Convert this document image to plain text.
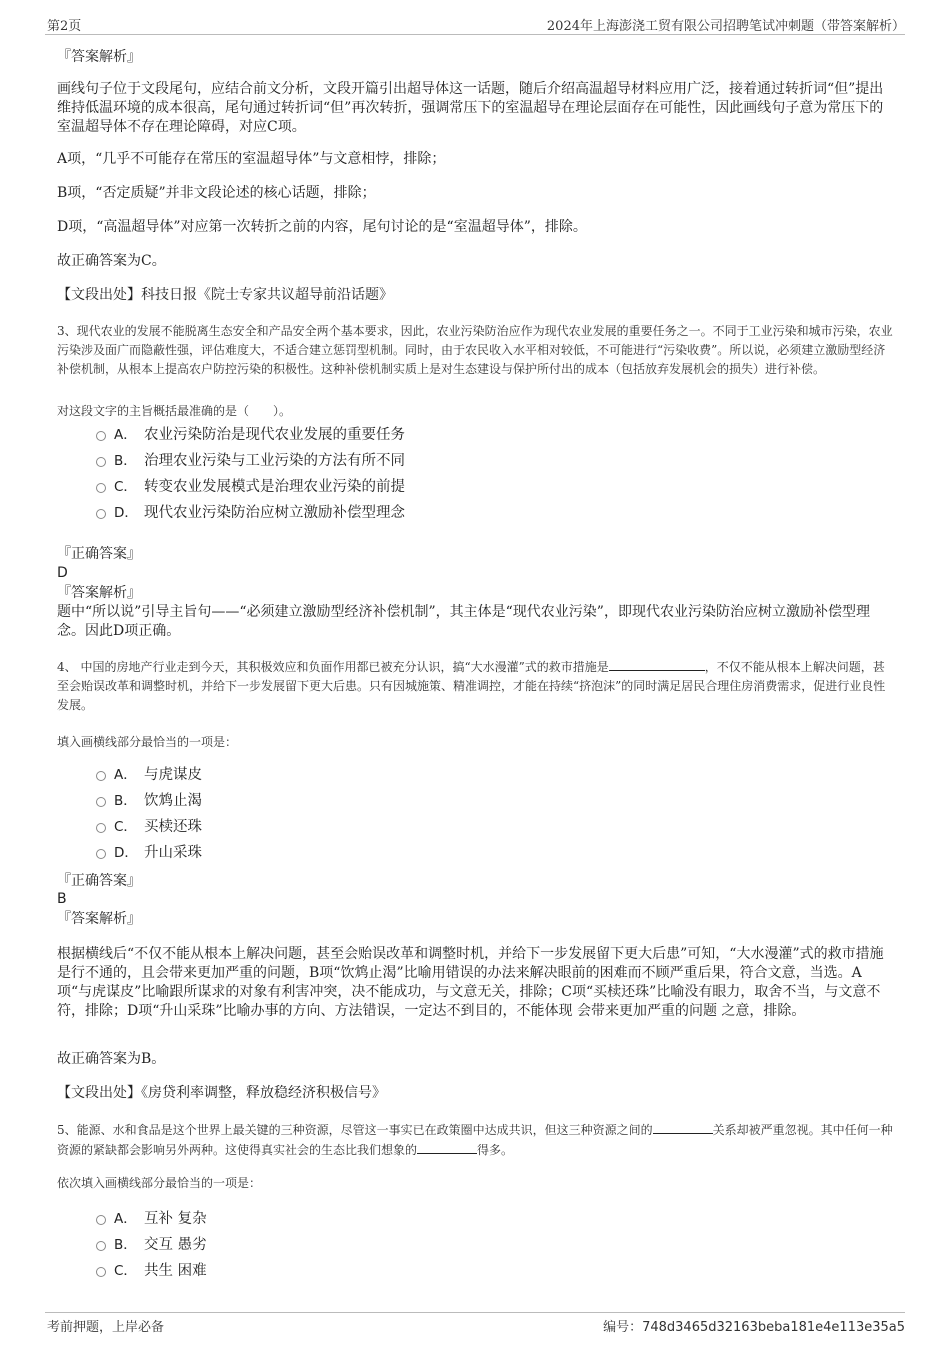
第2页	2024年上海澎浇工贸有限公司招聘笔试冲刺题（带答案解析）
『答案解析』
画线句子位于文段尾句，应结合前文分析，文段开篇引出超导体这一话题，随后介绍高温超导材料应用广泛，接着通过转折词“但”提出维持低温环境的成本很高，尾句通过转折词“但”再次转折，强调常压下的室温超导在理论层面存在可能性，因此画线句子意为常压下的室温超导体不存在理论障碍，对应C项。
A项，“几乎不可能存在常压的室温超导体”与文意相悖，排除；
B项，“否定质疑”并非文段论述的核心话题，排除；
D项，“高温超导体”对应第一次转折之前的内容，尾句讨论的是“室温超导体”，排除。
故正确答案为C。
【文段出处】科技日报《院士专家共议超导前沿话题》
3、现代农业的发展不能脱离生态安全和产品安全两个基本要求，因此，农业污染防治应作为现代农业发展的重要任务之一。不同于工业污染和城市污染，农业污染涉及面广而隐蔽性强，评估难度大，不适合建立惩罚型机制。同时，由于农民收入水平相对较低，不可能进行“污染收费”。所以说，必须建立激励型经济补偿机制，从根本上提高农户防控污染的积极性。这种补偿机制实质上是对生态建设与保护所付出的成本（包括放弃发展机会的损失）进行补偿。
对这段文字的主旨概括最准确的是（　　）。
A． 农业污染防治是现代农业发展的重要任务
B． 治理农业污染与工业污染的方法有所不同
C． 转变农业发展模式是治理农业污染的前提
D． 现代农业污染防治应树立激励补偿型理念
『正确答案』
D
『答案解析』
题中“所以说”引导主旨句——“必须建立激励型经济补偿机制”，其主体是“现代农业污染”，即现代农业污染防治应树立激励补偿型理念。因此D项正确。
4、 中国的房地产行业走到今天，其积极效应和负面作用都已被充分认识，搞“大水漫灌”式的救市措施是	，不仅不能从根本上解决问题，甚至会贻误改革和调整时机，并给下一步发展留下更大后患。只有因城施策、精准调控，才能在持续“挤泡沫”的同时满足居民合理住房消费需求，促进行业良性发展。
填入画横线部分最恰当的一项是：
A． 与虎谋皮
B． 饮鸩止渴
C． 买椟还珠
D． 升山采珠
『正确答案』
B
『答案解析』
根据横线后“不仅不能从根本上解决问题，甚至会贻误改革和调整时机，并给下一步发展留下更大后患”可知，“大水漫灌”式的救市措施是行不通的，且会带来更加严重的问题，B项“饮鸩止渴”比喻用错误的办法来解决眼前的困难而不顾严重后果，符合文意，当选。A项“与虎谋皮”比喻跟所谋求的对象有利害冲突，决不能成功，与文意无关，排除；C项“买椟还珠”比喻没有眼力，取舍不当，与文意不符，排除；D项“升山采珠”比喻办事的方向、方法错误，一定达不到目的，不能体现 会带来更加严重的问题 之意，排除。
故正确答案为B。
【文段出处】《房贷利率调整，释放稳经济积极信号》
5、能源、水和食品是这个世界上最关键的三种资源，尽管这一事实已在政策圈中达成共识，但这三种资源之间的	关系却被严重忽视。其中任何一种资源的紧缺都会影响另外两种。这使得真实社会的生态比我们想象的	得多。
依次填入画横线部分最恰当的一项是：
A． 互补 复杂
B． 交互 愚劣
C． 共生 困难
考前押题，上岸必备	编号：748d3465d32163beba181e4e113e35a5
